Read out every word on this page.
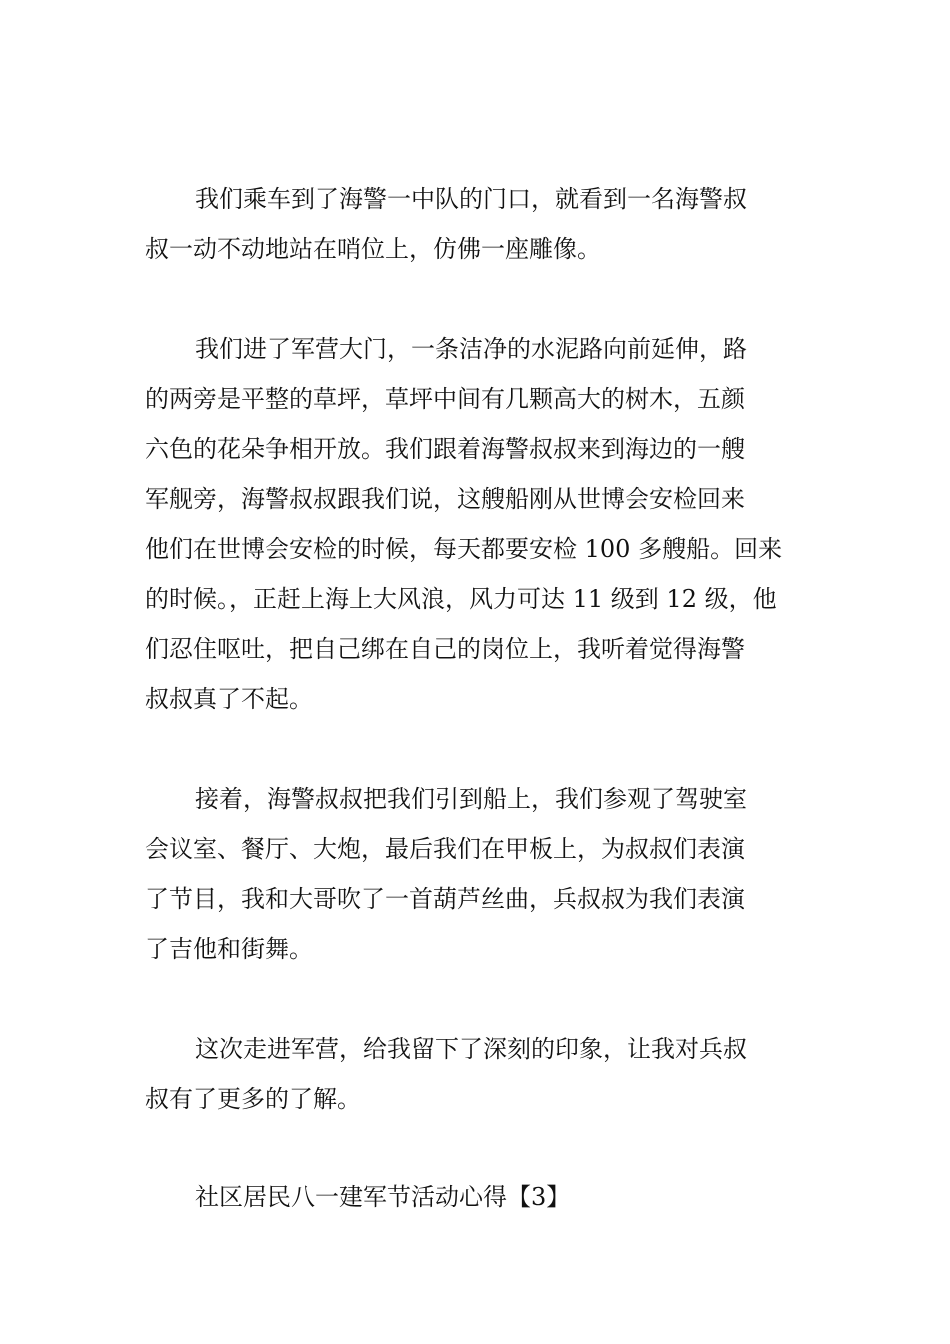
我们乘车到了海警一中队的门口，就看到一名海警叔
叔一动不动地站在哨位上，仿佛一座雕像。
我们进了军营大门，一条洁净的水泥路向前延伸，路
的两旁是平整的草坪，草坪中间有几颗高大的树木，五颜
六色的花朵争相开放。我们跟着海警叔叔来到海边的一艘
军舰旁，海警叔叔跟我们说，这艘船刚从世博会安检回来
他们在世博会安检的时候，每天都要安检 100 多艘船。回来
的时候。，正赶上海上大风浪，风力可达 11 级到 12 级，他
们忍住呕吐，把自己绑在自己的岗位上，我听着觉得海警
叔叔真了不起。
接着，海警叔叔把我们引到船上，我们参观了驾驶室
会议室、餐厅、大炮，最后我们在甲板上，为叔叔们表演
了节目，我和大哥吹了一首葫芦丝曲，兵叔叔为我们表演
了吉他和街舞。
这次走进军营，给我留下了深刻的印象，让我对兵叔
叔有了更多的了解。
社区居民八一建军节活动心得【3】
